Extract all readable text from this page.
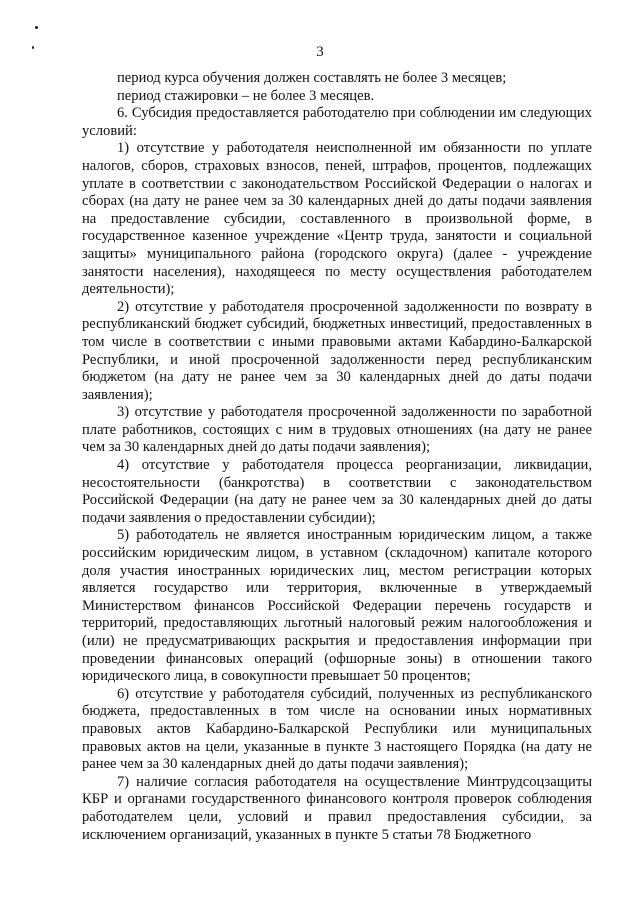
3

период курса обучения должен составлять не более 3 месяцев;

период стажировки – не более 3 месяцев.

6. Субсидия предоставляется работодателю при соблюдении им следующих условий:

1) отсутствие у работодателя неисполненной им обязанности по уплате налогов, сборов, страховых взносов, пеней, штрафов, процентов, подлежащих уплате в соответствии с законодательством Российской Федерации о налогах и сборах (на дату не ранее чем за 30 календарных дней до даты подачи заявления на предоставление субсидии, составленного в произвольной форме, в государственное казенное учреждение «Центр труда, занятости и социальной защиты» муниципального района (городского округа) (далее - учреждение занятости населения), находящееся по месту осуществления работодателем деятельности);

2) отсутствие у работодателя просроченной задолженности по возврату в республиканский бюджет субсидий, бюджетных инвестиций, предоставленных в том числе в соответствии с иными правовыми актами Кабардино-Балкарской Республики, и иной просроченной задолженности перед республиканским бюджетом (на дату не ранее чем за 30 календарных дней до даты подачи заявления);

3) отсутствие у работодателя просроченной задолженности по заработной плате работников, состоящих с ним в трудовых отношениях (на дату не ранее чем за 30 календарных дней до даты подачи заявления);

4) отсутствие у работодателя процесса реорганизации, ликвидации, несостоятельности (банкротства) в соответствии с законодательством Российской Федерации (на дату не ранее чем за 30 календарных дней до даты подачи заявления о предоставлении субсидии);

5) работодатель не является иностранным юридическим лицом, а также российским юридическим лицом, в уставном (складочном) капитале которого доля участия иностранных юридических лиц, местом регистрации которых является государство или территория, включенные в утверждаемый Министерством финансов Российской Федерации перечень государств и территорий, предоставляющих льготный налоговый режим налогообложения и (или) не предусматривающих раскрытия и предоставления информации при проведении финансовых операций (офшорные зоны) в отношении такого юридического лица, в совокупности превышает 50 процентов;

6) отсутствие у работодателя субсидий, полученных из республиканского бюджета, предоставленных в том числе на основании иных нормативных правовых актов Кабардино-Балкарской Республики или муниципальных правовых актов на цели, указанные в пункте 3 настоящего Порядка (на дату не ранее чем за 30 календарных дней до даты подачи заявления);

7) наличие согласия работодателя на осуществление Минтрудсоцзащиты КБР и органами государственного финансового контроля проверок соблюдения работодателем цели, условий и правил предоставления субсидии, за исключением организаций, указанных в пункте 5 статьи 78 Бюджетного
